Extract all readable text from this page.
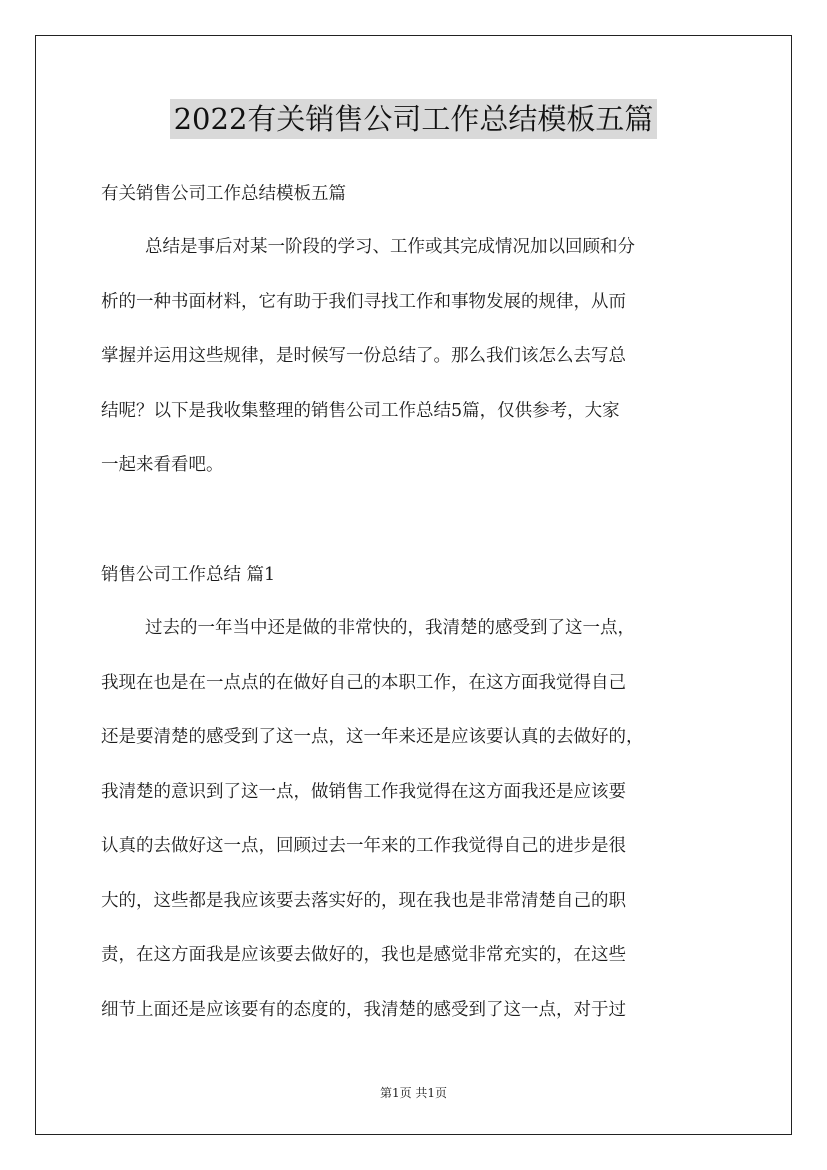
2022有关销售公司工作总结模板五篇
有关销售公司工作总结模板五篇
总结是事后对某一阶段的学习、工作或其完成情况加以回顾和分
析的一种书面材料，它有助于我们寻找工作和事物发展的规律，从而
掌握并运用这些规律，是时候写一份总结了。那么我们该怎么去写总
结呢？以下是我收集整理的销售公司工作总结5篇，仅供参考，大家
一起来看看吧。
销售公司工作总结 篇1
过去的一年当中还是做的非常快的，我清楚的感受到了这一点，
我现在也是在一点点的在做好自己的本职工作，在这方面我觉得自己
还是要清楚的感受到了这一点，这一年来还是应该要认真的去做好的，
我清楚的意识到了这一点，做销售工作我觉得在这方面我还是应该要
认真的去做好这一点，回顾过去一年来的工作我觉得自己的进步是很
大的，这些都是我应该要去落实好的，现在我也是非常清楚自己的职
责，在这方面我是应该要去做好的，我也是感觉非常充实的，在这些
细节上面还是应该要有的态度的，我清楚的感受到了这一点，对于过
第1页 共1页
